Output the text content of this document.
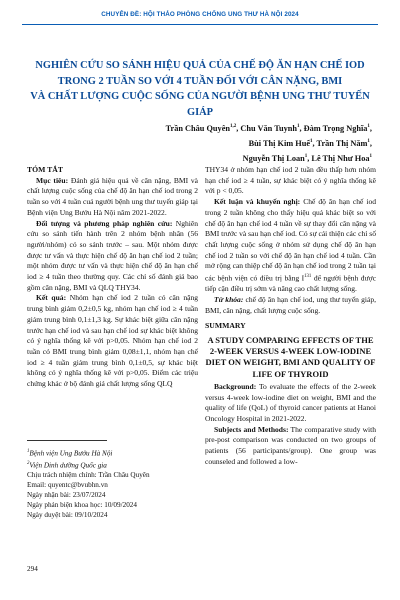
CHUYÊN ĐỀ: HỘI THẢO PHÒNG CHỐNG UNG THƯ HÀ NỘI 2024
NGHIÊN CỨU SO SÁNH HIỆU QUẢ CỦA CHẾ ĐỘ ĂN HẠN CHẾ IOD
TRONG 2 TUẦN SO VỚI 4 TUẦN ĐỐI VỚI CÂN NẶNG, BMI
VÀ CHẤT LƯỢNG CUỘC SỐNG CỦA NGƯỜI BỆNH UNG THƯ TUYẾN GIÁP
Trần Châu Quyên$^{1,2}$, Chu Văn Tuynh$^1$, Đàm Trọng Nghĩa$^1$,
Bùi Thị Kim Huế$^1$, Trần Thị Năm$^1$,
Nguyễn Thị Loan$^1$, Lê Thị Như Hoa$^1$

TÓM TẮT

Mục tiêu: Đánh giá hiệu quả về cân nặng, BMI và chất lượng cuộc sống của chế độ ăn hạn chế iod trong 2 tuần so với 4 tuần cuả người bệnh ung thư tuyến giáp tại Bệnh viện Ung Bướu Hà Nội năm 2021-2022.

Đối tượng và phương pháp nghiên cứu: Nghiên cứu so sánh tiến hành trên 2 nhóm bệnh nhân (56 người/nhóm) có so sánh trước – sau. Một nhóm được được tư vấn và thực hiện chế độ ăn hạn chế iod 2 tuần; một nhóm được tư vấn và thực hiện chế độ ăn hạn chế iod ≥ 4 tuần theo thường quy. Các chỉ số đánh giá bao gồm cân nặng, BMI và QLQ THY34.

Kết quả: Nhóm hạn chế iod 2 tuần có cân nặng trung bình giảm 0,2±0,5 kg, nhóm hạn chế iod ≥ 4 tuần giảm trung bình 0,1±1,3 kg. Sự khác biệt giữa cân nặng trước hạn chế iod và sau hạn chế iod sự khác biệt không có ý nghĩa thống kê với p>0,05. Nhóm hạn chế iod 2 tuần có BMI trung bình giảm 0,08±1,1, nhóm hạn chế iod ≥ 4 tuần giảm trung bình 0,1±0,5, sự khác biệt không có ý nghĩa thống kê với p>0,05. Điểm các triệu chứng khác ở bộ đánh giá chất lượng sống QLQ

$^1$Bệnh viện Ung Bướu Hà Nội
$^2$Viện Dinh dưỡng Quốc gia
Chịu trách nhiệm chính: Trần Châu Quyên
Email: quyentc@bvubhn.vn
Ngày nhận bài: 23/07/2024
Ngày phản biện khoa học: 10/09/2024
Ngày duyệt bài: 09/10/2024

THY34 ở nhóm hạn chế iod 2 tuần đều thấp hơn nhóm hạn chế iod ≥ 4 tuần, sự khác biệt có ý nghĩa thống kê với p < 0,05.

Kết luận và khuyến nghị: Chế độ ăn hạn chế iod trong 2 tuần không cho thấy hiệu quả khác biệt so với chế độ ăn hạn chế iod 4 tuần về sự thay đổi cân nặng và BMI trước và sau hạn chế iod. Có sự cải thiện các chỉ số chất lượng cuộc sống ở nhóm sử dụng chế độ ăn hạn chế iod 2 tuần so với chế độ ăn hạn chế iod 4 tuần. Cần mở rộng can thiệp chế độ ăn hạn chế iod trong 2 tuần tại các bệnh viện có điều trị bằng $I^{131}$ để người bệnh được tiếp cận điều trị sớm và nâng cao chất lượng sống.

Từ khóa: chế độ ăn hạn chế iod, ung thư tuyến giáp, BMI, cân nặng, chất lượng cuộc sống.

SUMMARY

A STUDY COMPARING EFFECTS OF THE 2-WEEK VERSUS 4-WEEK LOW-IODINE DIET ON WEIGHT, BMI AND QUALITY OF LIFE OF THYROID

Background: To evaluate the effects of the 2-week versus 4-week low-iodine diet on weight, BMI and the quality of life (QoL) of thyroid cancer patients at Hanoi Oncology Hospital in 2021-2022.

Subjects and Methods: The comparative study with pre-post comparison was conducted on two groups of patients (56 participants/group). One group was counseled and followed a low-

294
